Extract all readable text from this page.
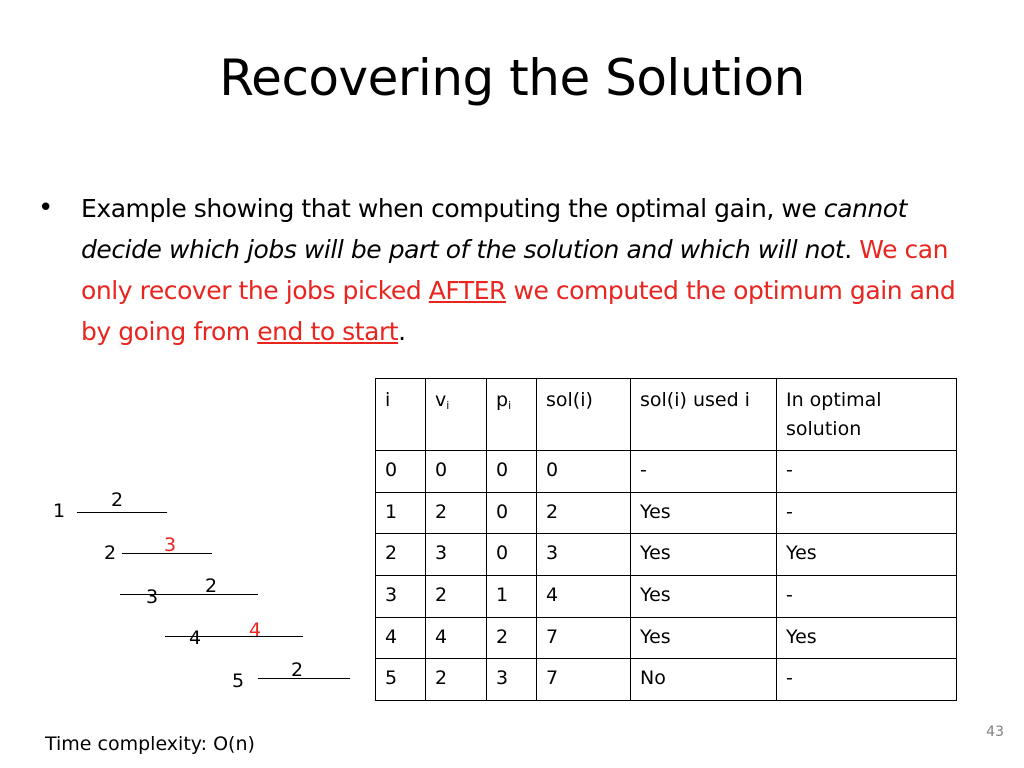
Recovering the Solution
• Example showing that when computing the optimal gain, we cannot decide which jobs will be part of the solution and which will not. We can only recover the jobs picked AFTER we computed the optimum gain and by going from end to start.
i	$v_i$	$p_i$	sol(i)	sol(i) used i	In optimal solution
0	0	0	0	-	-
1	2	0	2	Yes	-
2	3	0	3	Yes	Yes
3	2	1	4	Yes	-
4	4	2	7	Yes	Yes
5	2	3	7	No	-
1 2
2	3
3 2
4	4
5 2
Time complexity: O(n)
43
